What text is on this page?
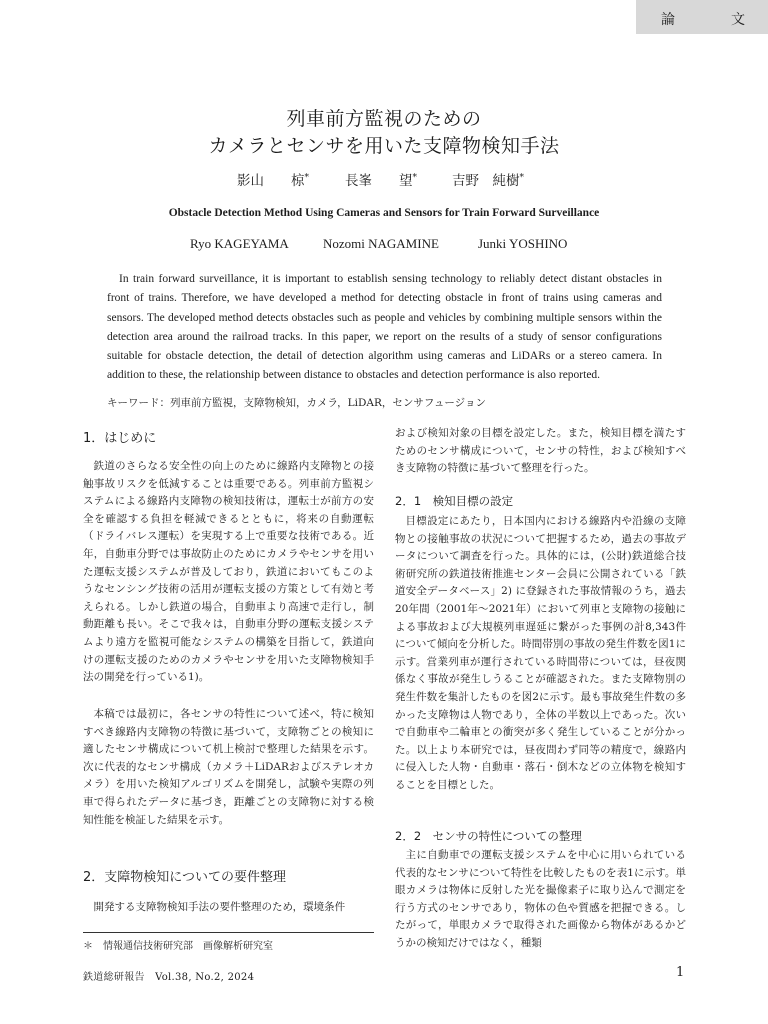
論	文
列車前方監視のための
カメラとセンサを用いた支障物検知手法
影山　　椋*	長峯　　望*	吉野　純樹*
Obstacle Detection Method Using Cameras and Sensors for Train Forward Surveillance
Ryo KAGEYAMA	Nozomi NAGAMINE	Junki YOSHINO

In train forward surveillance, it is important to establish sensing technology to reliably detect distant obstacles in front of trains. Therefore, we have developed a method for detecting obstacle in front of trains using cameras and sensors. The developed method detects obstacles such as people and vehicles by combining multiple sensors within the detection area around the railroad tracks. In this paper, we report on the results of a study of sensor configurations suitable for obstacle detection, the detail of detection algorithm using cameras and LiDARs or a stereo camera. In addition to these, the relationship between distance to obstacles and detection performance is also reported.

キーワード：列車前方監視，支障物検知，カメラ，LiDAR，センサフュージョン
1．はじめに

鉄道のさらなる安全性の向上のために線路内支障物との接触事故リスクを低減することは重要である。列車前方監視システムによる線路内支障物の検知技術は，運転士が前方の安全を確認する負担を軽減できるとともに，将来の自動運転（ドライバレス運転）を実現する上で重要な技術である。近年，自動車分野では事故防止のためにカメラやセンサを用いた運転支援システムが普及しており，鉄道においてもこのようなセンシング技術の活用が運転支援の方策として有効と考えられる。しかし鉄道の場合，自動車より高速で走行し，制動距離も長い。そこで我々は，自動車分野の運転支援システムより遠方を監視可能なシステムの構築を目指して，鉄道向けの運転支援のためのカメラやセンサを用いた支障物検知手法の開発を行っている1)。

本稿では最初に，各センサの特性について述べ，特に検知すべき線路内支障物の特徴に基づいて，支障物ごとの検知に適したセンサ構成について机上検討で整理した結果を示す。次に代表的なセンサ構成（カメラ＋LiDARおよびステレオカメラ）を用いた検知アルゴリズムを開発し，試験や実際の列車で得られたデータに基づき，距離ごとの支障物に対する検知性能を検証した結果を示す。

2．支障物検知についての要件整理

開発する支障物検知手法の要件整理のため，環境条件

＊　情報通信技術研究部　画像解析研究室

および検知対象の目標を設定した。また，検知目標を満たすためのセンサ構成について，センサの特性，および検知すべき支障物の特徴に基づいて整理を行った。

2．1　検知目標の設定

目標設定にあたり，日本国内における線路内や沿線の支障物との接触事故の状況について把握するため，過去の事故データについて調査を行った。具体的には，(公財)鉄道総合技術研究所の鉄道技術推進センター会員に公開されている「鉄道安全データベース」2) に登録された事故情報のうち，過去20年間（2001年～2021年）において列車と支障物の接触による事故および大規模列車遅延に繋がった事例の計8,343件について傾向を分析した。時間帯別の事故の発生件数を図1に示す。営業列車が運行されている時間帯については，昼夜関係なく事故が発生しうることが確認された。また支障物別の発生件数を集計したものを図2に示す。最も事故発生件数の多かった支障物は人物であり，全体の半数以上であった。次いで自動車や二輪車との衝突が多く発生していることが分かった。以上より本研究では，昼夜問わず同等の精度で，線路内に侵入した人物・自動車・落石・倒木などの立体物を検知することを目標とした。

2．2　センサの特性についての整理

主に自動車での運転支援システムを中心に用いられている代表的なセンサについて特性を比較したものを表1に示す。単眼カメラは物体に反射した光を撮像素子に取り込んで測定を行う方式のセンサであり，物体の色や質感を把握できる。したがって，単眼カメラで取得された画像から物体があるかどうかの検知だけではなく，種類

鉄道総研報告　Vol.38, No.2, 2024	1
